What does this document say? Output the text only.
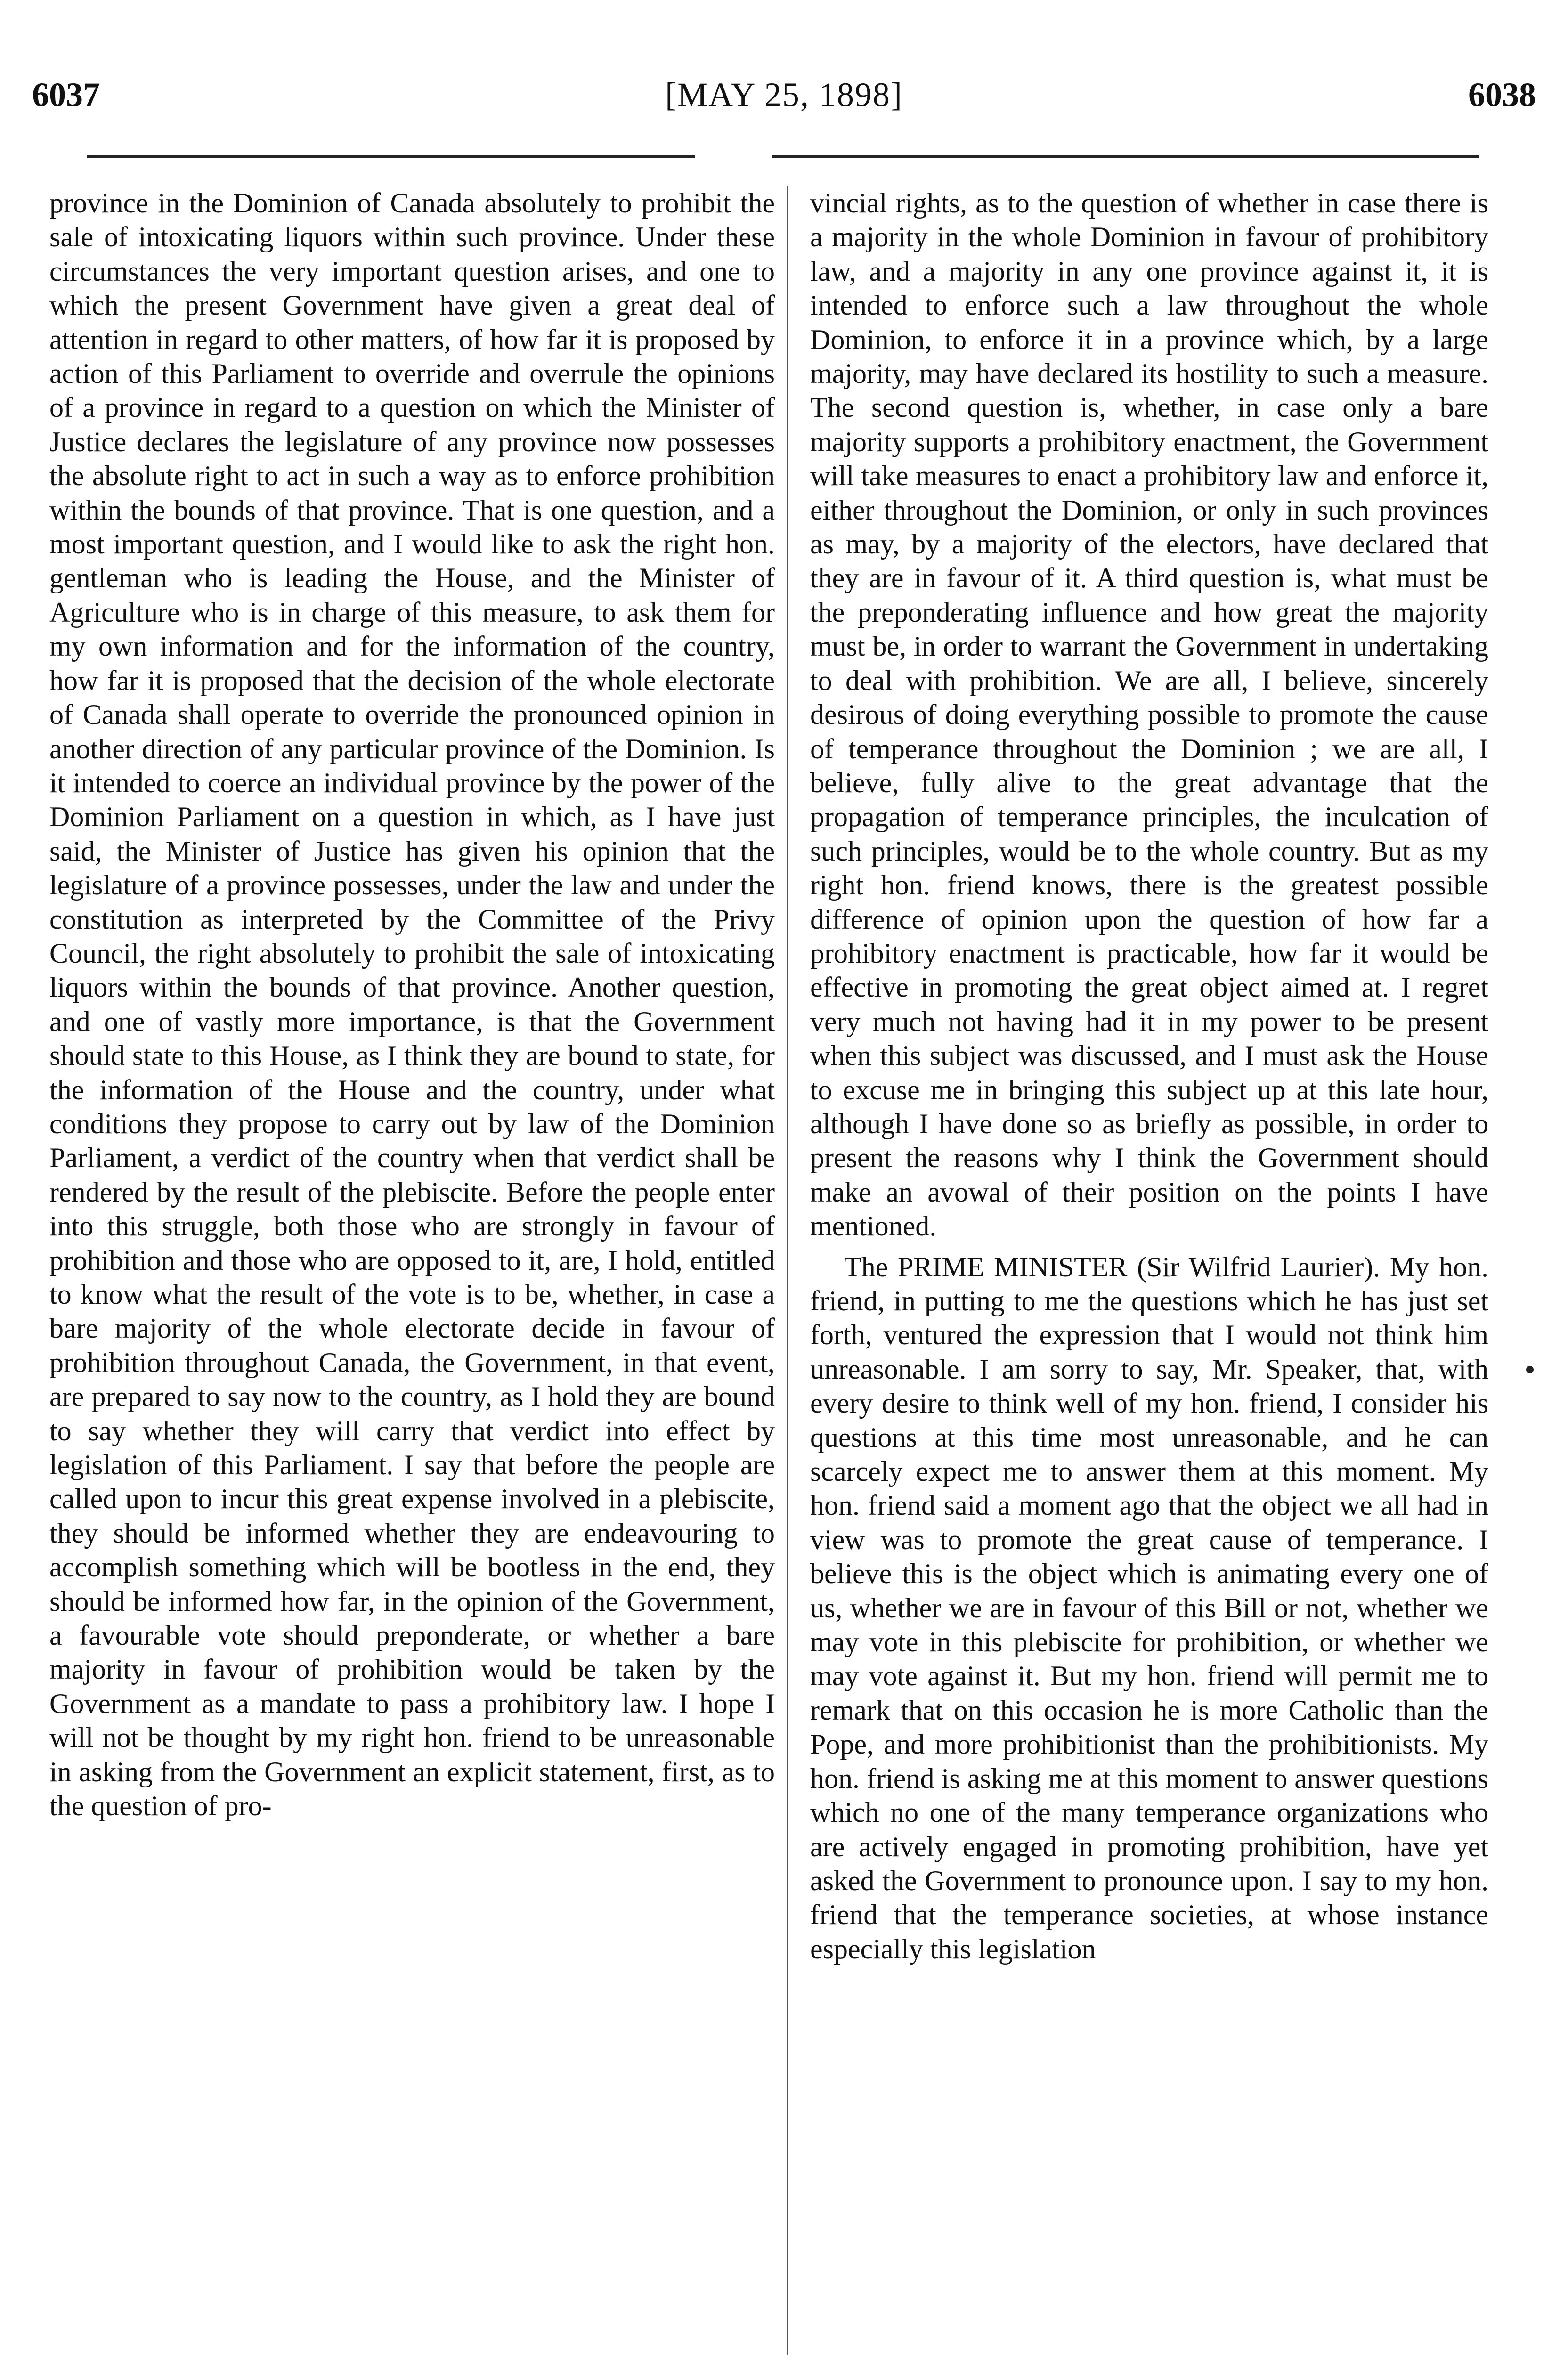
6037	[MAY 25, 1898]	6038

province in the Dominion of Canada absolutely to prohibit the sale of intoxicating liquors within such province. Under these circumstances the very important question arises, and one to which the present Government have given a great deal of attention in regard to other matters, of how far it is proposed by action of this Parliament to override and overrule the opinions of a province in regard to a question on which the Minister of Justice declares the legislature of any province now possesses the absolute right to act in such a way as to enforce prohibition within the bounds of that province. That is one question, and a most important question, and I would like to ask the right hon. gentleman who is leading the House, and the Minister of Agriculture who is in charge of this measure, to ask them for my own information and for the information of the country, how far it is proposed that the decision of the whole electorate of Canada shall operate to override the pronounced opinion in another direction of any particular province of the Dominion. Is it intended to coerce an individual province by the power of the Dominion Parliament on a question in which, as I have just said, the Minister of Justice has given his opinion that the legislature of a province possesses, under the law and under the constitution as interpreted by the Committee of the Privy Council, the right absolutely to prohibit the sale of intoxicating liquors within the bounds of that province. Another question, and one of vastly more importance, is that the Government should state to this House, as I think they are bound to state, for the information of the House and the country, under what conditions they propose to carry out by law of the Dominion Parliament, a verdict of the country when that verdict shall be rendered by the result of the plebiscite. Before the people enter into this struggle, both those who are strongly in favour of prohibition and those who are opposed to it, are, I hold, entitled to know what the result of the vote is to be, whether, in case a bare majority of the whole electorate decide in favour of prohibition throughout Canada, the Government, in that event, are prepared to say now to the country, as I hold they are bound to say whether they will carry that verdict into effect by legislation of this Parliament. I say that before the people are called upon to incur this great expense involved in a plebiscite, they should be informed whether they are endeavouring to accomplish something which will be bootless in the end, they should be informed how far, in the opinion of the Government, a favourable vote should preponderate, or whether a bare majority in favour of prohibition would be taken by the Government as a mandate to pass a prohibitory law. I hope I will not be thought by my right hon. friend to be unreasonable in asking from the Government an explicit statement, first, as to the question of pro-

vincial rights, as to the question of whether in case there is a majority in the whole Dominion in favour of prohibitory law, and a majority in any one province against it, it is intended to enforce such a law throughout the whole Dominion, to enforce it in a province which, by a large majority, may have declared its hostility to such a measure. The second question is, whether, in case only a bare majority supports a prohibitory enactment, the Government will take measures to enact a prohibitory law and enforce it, either throughout the Dominion, or only in such provinces as may, by a majority of the electors, have declared that they are in favour of it. A third question is, what must be the preponderating influence and how great the majority must be, in order to warrant the Government in undertaking to deal with prohibition. We are all, I believe, sincerely desirous of doing everything possible to promote the cause of temperance throughout the Dominion ; we are all, I believe, fully alive to the great advantage that the propagation of temperance principles, the inculcation of such principles, would be to the whole country. But as my right hon. friend knows, there is the greatest possible difference of opinion upon the question of how far a prohibitory enactment is practicable, how far it would be effective in promoting the great object aimed at. I regret very much not having had it in my power to be present when this subject was discussed, and I must ask the House to excuse me in bringing this subject up at this late hour, although I have done so as briefly as possible, in order to present the reasons why I think the Government should make an avowal of their position on the points I have mentioned.

The PRIME MINISTER (Sir Wilfrid Laurier). My hon. friend, in putting to me the questions which he has just set forth, ventured the expression that I would not think him unreasonable. I am sorry to say, Mr. Speaker, that, with every desire to think well of my hon. friend, I consider his questions at this time most unreasonable, and he can scarcely expect me to answer them at this moment. My hon. friend said a moment ago that the object we all had in view was to promote the great cause of temperance. I believe this is the object which is animating every one of us, whether we are in favour of this Bill or not, whether we may vote in this plebiscite for prohibition, or whether we may vote against it. But my hon. friend will permit me to remark that on this occasion he is more Catholic than the Pope, and more prohibitionist than the prohibitionists. My hon. friend is asking me at this moment to answer questions which no one of the many temperance organizations who are actively engaged in promoting prohibition, have yet asked the Government to pronounce upon. I say to my hon. friend that the temperance societies, at whose instance especially this legislation
